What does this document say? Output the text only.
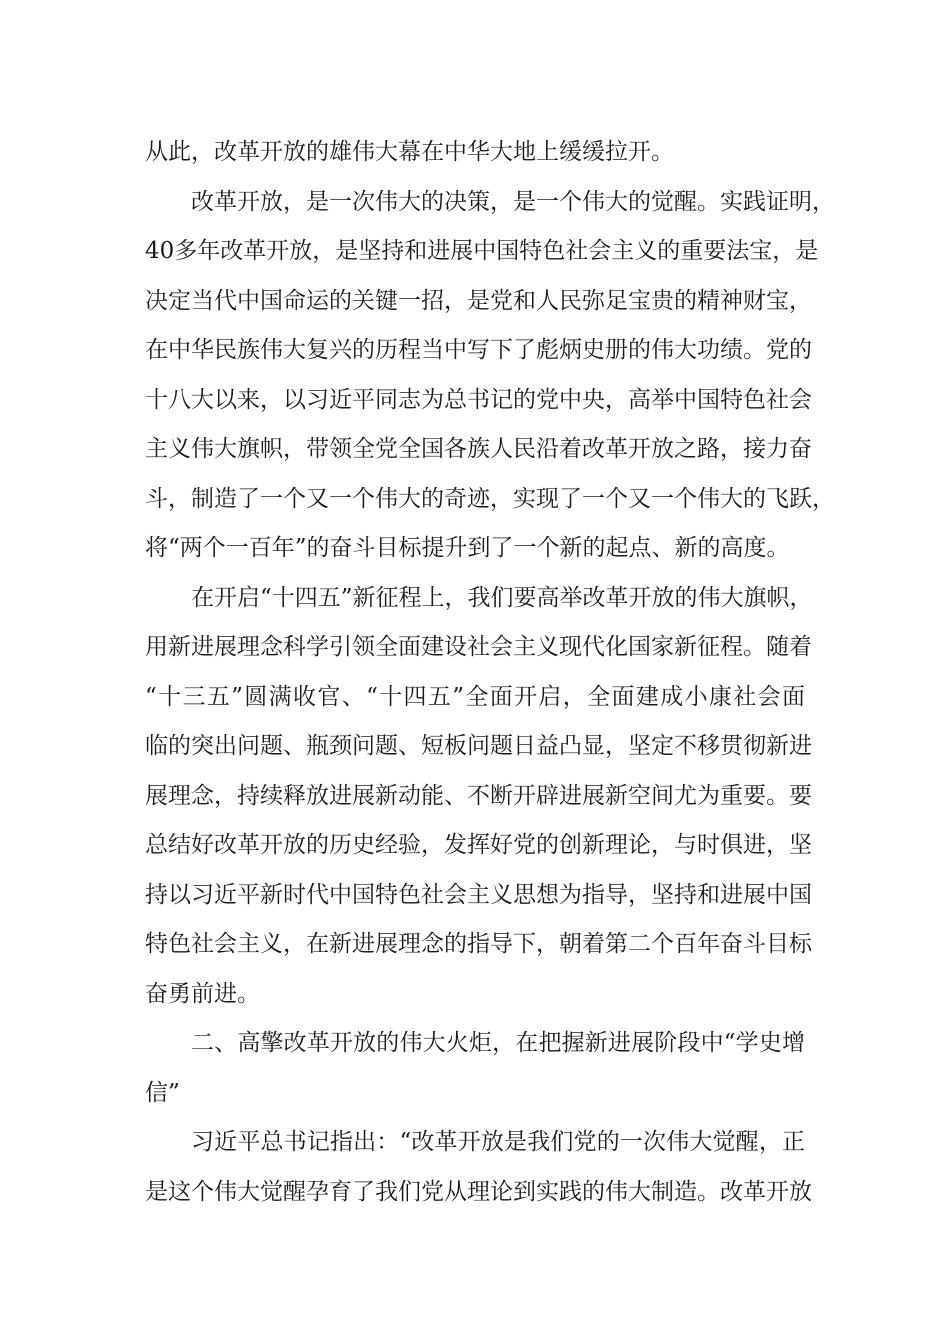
从此，改革开放的雄伟大幕在中华大地上缓缓拉开。
改革开放，是一次伟大的决策，是一个伟大的觉醒。实践证明，
40多年改革开放，是坚持和进展中国特色社会主义的重要法宝，是
决定当代中国命运的关键一招，是党和人民弥足宝贵的精神财宝，
在中华民族伟大复兴的历程当中写下了彪炳史册的伟大功绩。党的
十八大以来，以习近平同志为总书记的党中央，高举中国特色社会
主义伟大旗帜，带领全党全国各族人民沿着改革开放之路，接力奋
斗，制造了一个又一个伟大的奇迹，实现了一个又一个伟大的飞跃，
将“两个一百年”的奋斗目标提升到了一个新的起点、新的高度。
在开启“十四五”新征程上，我们要高举改革开放的伟大旗帜，
用新进展理念科学引领全面建设社会主义现代化国家新征程。随着
“十三五”圆满收官、“十四五”全面开启，全面建成小康社会面
临的突出问题、瓶颈问题、短板问题日益凸显，坚定不移贯彻新进
展理念，持续释放进展新动能、不断开辟进展新空间尤为重要。要
总结好改革开放的历史经验，发挥好党的创新理论，与时俱进，坚
持以习近平新时代中国特色社会主义思想为指导，坚持和进展中国
特色社会主义，在新进展理念的指导下，朝着第二个百年奋斗目标
奋勇前进。
二、高擎改革开放的伟大火炬，在把握新进展阶段中“学史增
信”
习近平总书记指出：“改革开放是我们党的一次伟大觉醒，正
是这个伟大觉醒孕育了我们党从理论到实践的伟大制造。改革开放
